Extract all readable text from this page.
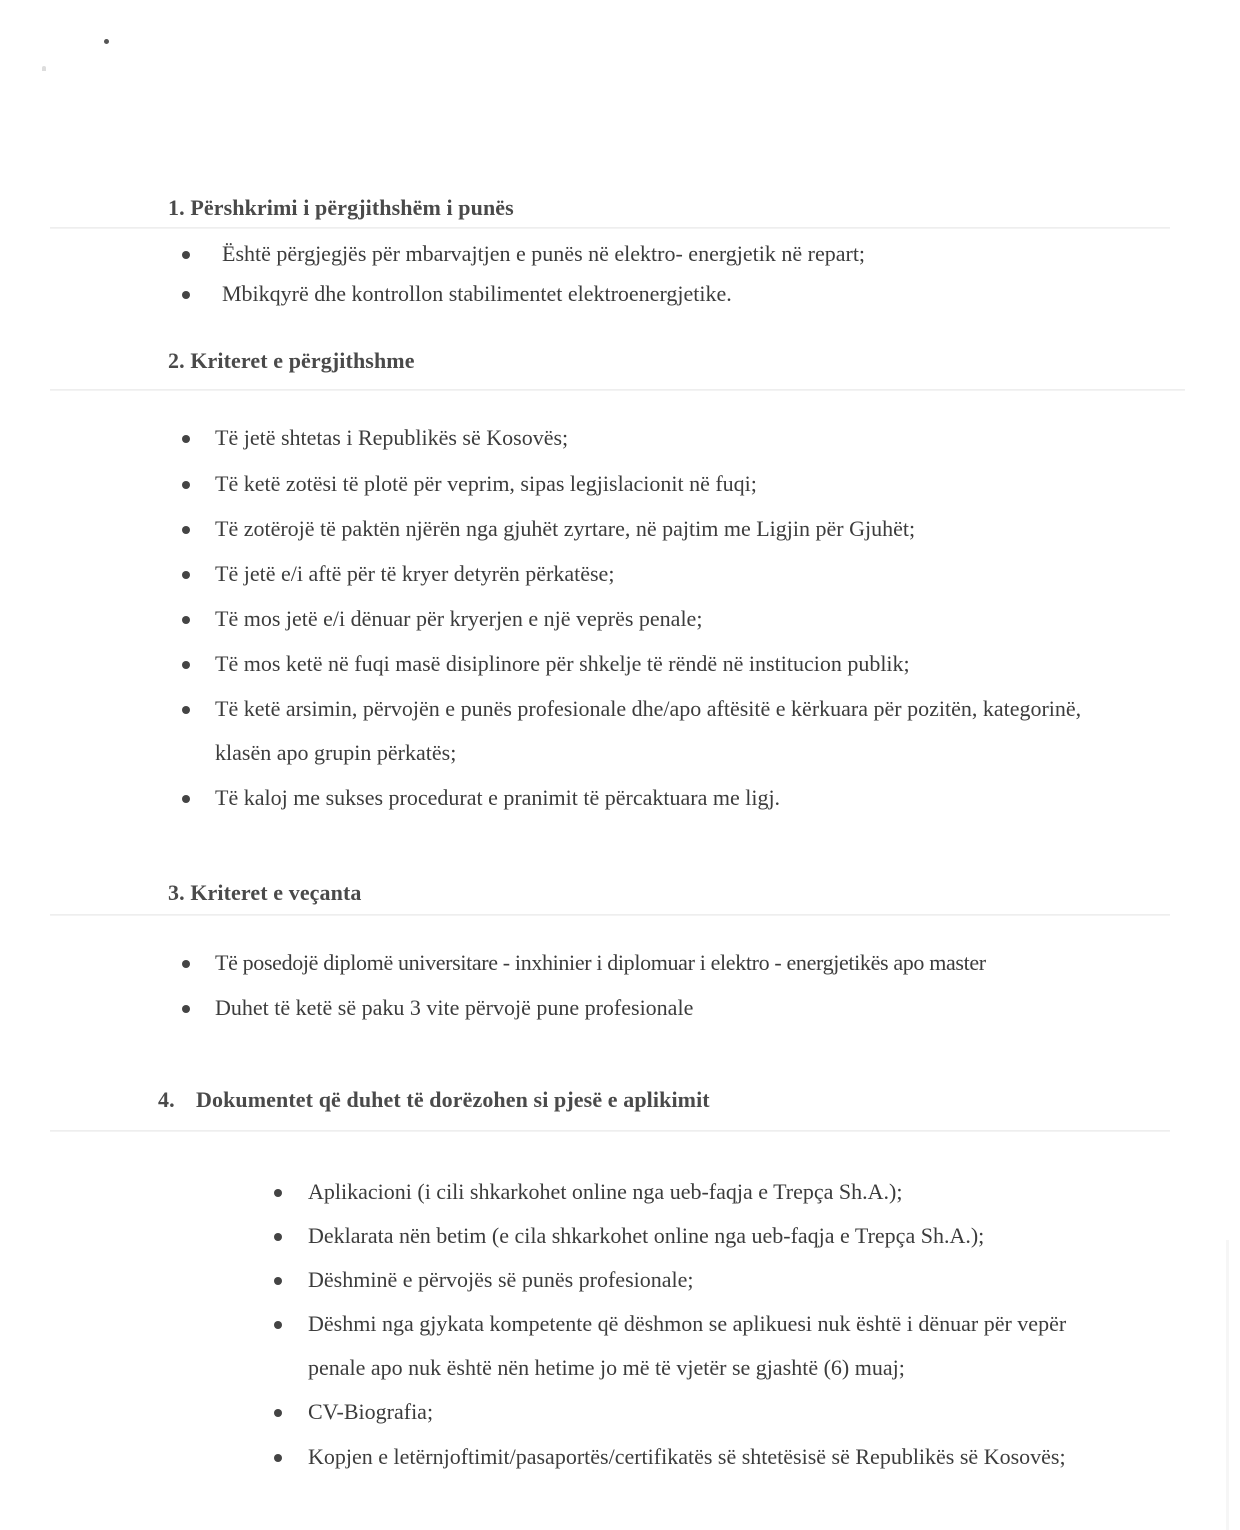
1. Përshkrimi i përgjithshëm i punës
Është përgjegjës për mbarvajtjen e punës në elektro- energjetik në repart;
Mbikqyrë dhe kontrollon stabilimentet elektroenergjetike.
2. Kriteret e përgjithshme
Të jetë shtetas i Republikës së Kosovës;
Të ketë zotësi të plotë për veprim, sipas legjislacionit në fuqi;
Të zotërojë të paktën njërën nga gjuhët zyrtare, në pajtim me Ligjin për Gjuhët;
Të jetë e/i aftë për të kryer detyrën përkatëse;
Të mos jetë e/i dënuar për kryerjen e një veprës penale;
Të mos ketë në fuqi masë disiplinore për shkelje të rëndë në institucion publik;
Të ketë arsimin, përvojën e punës profesionale dhe/apo aftësitë e kërkuara për pozitën, kategorinë, klasën apo grupin përkatës;
Të kaloj me sukses procedurat e pranimit të përcaktuara me ligj.
3. Kriteret e veçanta
Të posedojë diplomë universitare - inxhinier i diplomuar i elektro - energjetikës apo master
Duhet të ketë së paku 3 vite përvojë pune profesionale
4. Dokumentet që duhet të dorëzohen si pjesë e aplikimit
Aplikacioni (i cili shkarkohet online nga ueb-faqja e Trepça Sh.A.);
Deklarata nën betim (e cila shkarkohet online nga ueb-faqja e Trepça Sh.A.);
Dëshminë e përvojës së punës profesionale;
Dëshmi nga gjykata kompetente që dëshmon se aplikuesi nuk është i dënuar për vepër penale apo nuk është nën hetime jo më të vjetër se gjashtë (6) muaj;
CV-Biografia;
Kopjen e letërnjoftimit/pasaportës/certifikatës së shtetësisë së Republikës së Kosovës;
